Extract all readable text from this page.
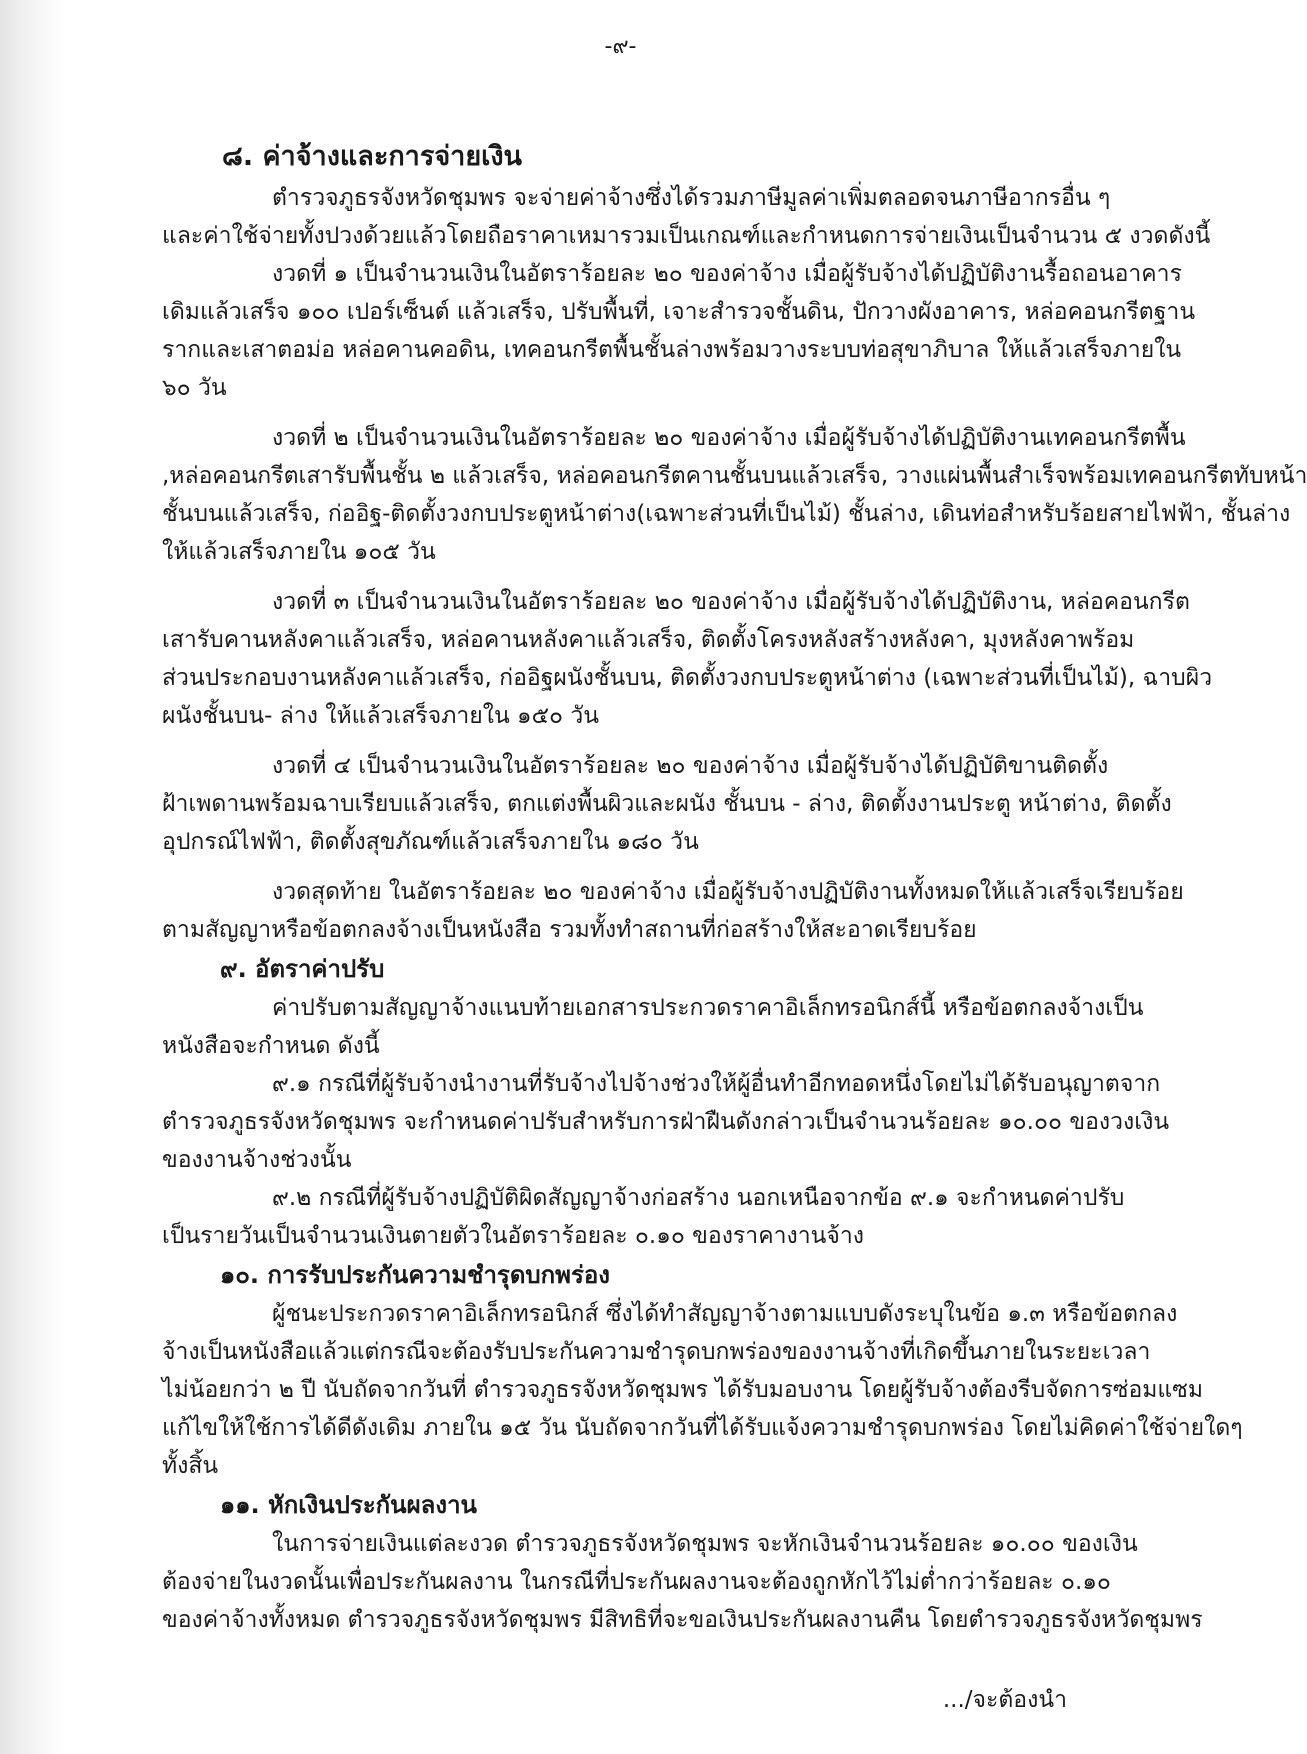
-๙-
๘. ค่าจ้างและการจ่ายเงิน
ตำรวจภูธรจังหวัดชุมพร จะจ่ายค่าจ้างซึ่งได้รวมภาษีมูลค่าเพิ่มตลอดจนภาษีอากรอื่น ๆ
และค่าใช้จ่ายทั้งปวงด้วยแล้วโดยถือราคาเหมารวมเป็นเกณฑ์และกำหนดการจ่ายเงินเป็นจำนวน ๕ งวดดังนี้
งวดที่ ๑ เป็นจำนวนเงินในอัตราร้อยละ ๒๐ ของค่าจ้าง เมื่อผู้รับจ้างได้ปฏิบัติงานรื้อถอนอาคาร
เดิมแล้วเสร็จ ๑๐๐ เปอร์เซ็นต์ แล้วเสร็จ, ปรับพื้นที่, เจาะสำรวจชั้นดิน, ปักวางผังอาคาร, หล่อคอนกรีตฐาน
รากและเสาตอม่อ หล่อคานคอดิน, เทคอนกรีตพื้นชั้นล่างพร้อมวางระบบท่อสุขาภิบาล ให้แล้วเสร็จภายใน
๖๐ วัน
งวดที่ ๒ เป็นจำนวนเงินในอัตราร้อยละ ๒๐ ของค่าจ้าง เมื่อผู้รับจ้างได้ปฏิบัติงานเทคอนกรีตพื้น
,หล่อคอนกรีตเสารับพื้นชั้น ๒ แล้วเสร็จ, หล่อคอนกรีตคานชั้นบนแล้วเสร็จ, วางแผ่นพื้นสำเร็จพร้อมเทคอนกรีตทับหน้า
ชั้นบนแล้วเสร็จ, ก่ออิฐ-ติดตั้งวงกบประตูหน้าต่าง(เฉพาะส่วนที่เป็นไม้) ชั้นล่าง, เดินท่อสำหรับร้อยสายไฟฟ้า, ชั้นล่าง
ให้แล้วเสร็จภายใน ๑๐๕ วัน
งวดที่ ๓ เป็นจำนวนเงินในอัตราร้อยละ ๒๐ ของค่าจ้าง เมื่อผู้รับจ้างได้ปฏิบัติงาน, หล่อคอนกรีต
เสารับคานหลังคาแล้วเสร็จ, หล่อคานหลังคาแล้วเสร็จ, ติดตั้งโครงหลังสร้างหลังคา, มุงหลังคาพร้อม
ส่วนประกอบงานหลังคาแล้วเสร็จ, ก่ออิฐผนังชั้นบน, ติดตั้งวงกบประตูหน้าต่าง (เฉพาะส่วนที่เป็นไม้), ฉาบผิว
ผนังชั้นบน- ล่าง ให้แล้วเสร็จภายใน ๑๕๐ วัน
งวดที่ ๔ เป็นจำนวนเงินในอัตราร้อยละ ๒๐ ของค่าจ้าง เมื่อผู้รับจ้างได้ปฏิบัติขานติดตั้ง
ฝ้าเพดานพร้อมฉาบเรียบแล้วเสร็จ, ตกแต่งพื้นผิวและผนัง ชั้นบน - ล่าง, ติดตั้งงานประตู หน้าต่าง, ติดตั้ง
อุปกรณ์ไฟฟ้า, ติดตั้งสุขภัณฑ์แล้วเสร็จภายใน ๑๘๐ วัน
งวดสุดท้าย ในอัตราร้อยละ ๒๐ ของค่าจ้าง เมื่อผู้รับจ้างปฏิบัติงานทั้งหมดให้แล้วเสร็จเรียบร้อย
ตามสัญญาหรือข้อตกลงจ้างเป็นหนังสือ รวมทั้งทำสถานที่ก่อสร้างให้สะอาดเรียบร้อย
๙. อัตราค่าปรับ
ค่าปรับตามสัญญาจ้างแนบท้ายเอกสารประกวดราคาอิเล็กทรอนิกส์นี้ หรือข้อตกลงจ้างเป็น
หนังสือจะกำหนด ดังนี้
๙.๑ กรณีที่ผู้รับจ้างนำงานที่รับจ้างไปจ้างช่วงให้ผู้อื่นทำอีกทอดหนึ่งโดยไม่ได้รับอนุญาตจาก
ตำรวจภูธรจังหวัดชุมพร จะกำหนดค่าปรับสำหรับการฝ่าฝืนดังกล่าวเป็นจำนวนร้อยละ ๑๐.๐๐ ของวงเงิน
ของงานจ้างช่วงนั้น
๙.๒ กรณีที่ผู้รับจ้างปฏิบัติผิดสัญญาจ้างก่อสร้าง นอกเหนือจากข้อ ๙.๑ จะกำหนดค่าปรับ
เป็นรายวันเป็นจำนวนเงินตายตัวในอัตราร้อยละ ๐.๑๐ ของราคางานจ้าง
๑๐. การรับประกันความชำรุดบกพร่อง
ผู้ชนะประกวดราคาอิเล็กทรอนิกส์ ซึ่งได้ทำสัญญาจ้างตามแบบดังระบุในข้อ ๑.๓ หรือข้อตกลง
จ้างเป็นหนังสือแล้วแต่กรณีจะต้องรับประกันความชำรุดบกพร่องของงานจ้างที่เกิดขึ้นภายในระยะเวลา
ไม่น้อยกว่า ๒ ปี นับถัดจากวันที่ ตำรวจภูธรจังหวัดชุมพร ได้รับมอบงาน โดยผู้รับจ้างต้องรีบจัดการซ่อมแซม
แก้ไขให้ใช้การได้ดีดังเดิม ภายใน ๑๕ วัน นับถัดจากวันที่ได้รับแจ้งความชำรุดบกพร่อง โดยไม่คิดค่าใช้จ่ายใดๆ
ทั้งสิ้น
๑๑. หักเงินประกันผลงาน
ในการจ่ายเงินแต่ละงวด ตำรวจภูธรจังหวัดชุมพร จะหักเงินจำนวนร้อยละ ๑๐.๐๐ ของเงิน
ต้องจ่ายในงวดนั้นเพื่อประกันผลงาน ในกรณีที่ประกันผลงานจะต้องถูกหักไว้ไม่ต่ำกว่าร้อยละ ๐.๑๐
ของค่าจ้างทั้งหมด ตำรวจภูธรจังหวัดชุมพร มีสิทธิที่จะขอเงินประกันผลงานคืน โดยตำรวจภูธรจังหวัดชุมพร
.../จะต้องนำ
